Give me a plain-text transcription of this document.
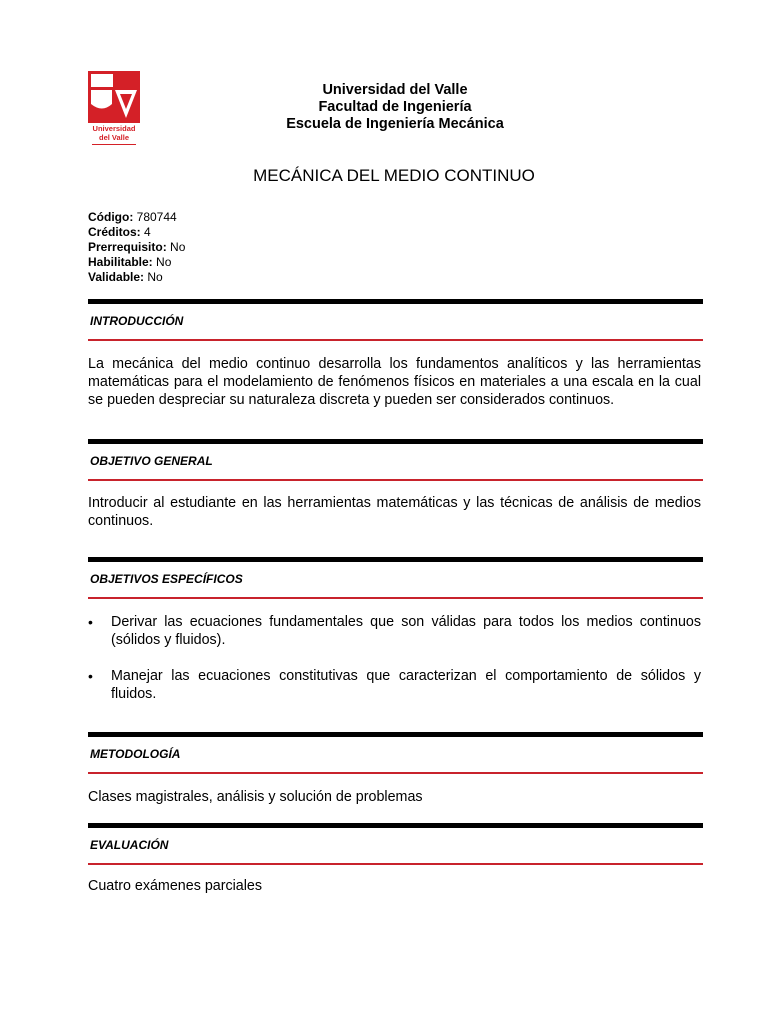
Universidad
del Valle
Universidad del Valle
Facultad de Ingeniería
Escuela de Ingeniería Mecánica
MECÁNICA DEL MEDIO CONTINUO
Código: 780744
Créditos: 4
Prerrequisito: No
Habilitable: No
Validable: No
INTRODUCCIÓN
La mecánica del medio continuo desarrolla los fundamentos analíticos y las herramientas matemáticas para el modelamiento de fenómenos físicos en materiales a una escala en la cual se pueden despreciar su naturaleza discreta y pueden ser considerados continuos.
OBJETIVO GENERAL
Introducir al estudiante en las herramientas matemáticas y las técnicas de análisis de medios continuos.
OBJETIVOS ESPECÍFICOS
•	Derivar las ecuaciones fundamentales que son válidas para todos los medios continuos (sólidos y fluidos).
•	Manejar las ecuaciones constitutivas que caracterizan el comportamiento de sólidos y fluidos.
METODOLOGÍA
Clases magistrales, análisis y solución de problemas
EVALUACIÓN
Cuatro exámenes parciales
